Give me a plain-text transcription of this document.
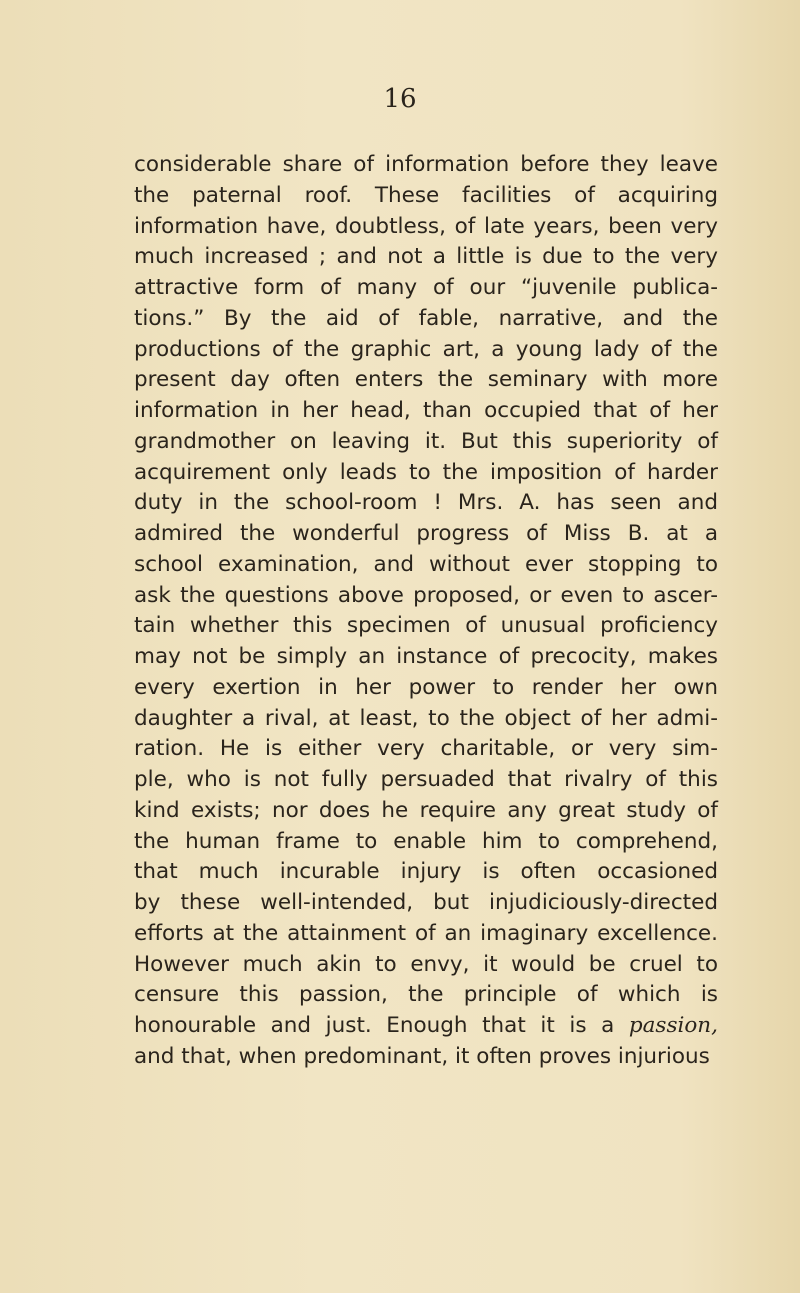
16
considerable share of information before they leave
the paternal roof. These facilities of acquiring
information have, doubtless, of late years, been very
much increased ; and not a little is due to the very
attractive form of many of our “juvenile publica-
tions.” By the aid of fable, narrative, and the
productions of the graphic art, a young lady of the
present day often enters the seminary with more
information in her head, than occupied that of her
grandmother on leaving it. But this superiority of
acquirement only leads to the imposition of harder
duty in the school-room ! Mrs. A. has seen and
admired the wonderful progress of Miss B. at a
school examination, and without ever stopping to
ask the questions above proposed, or even to ascer-
tain whether this specimen of unusual proficiency
may not be simply an instance of precocity, makes
every exertion in her power to render her own
daughter a rival, at least, to the object of her admi-
ration. He is either very charitable, or very sim-
ple, who is not fully persuaded that rivalry of this
kind exists; nor does he require any great study of
the human frame to enable him to comprehend,
that much incurable injury is often occasioned
by these well-intended, but injudiciously-directed
efforts at the attainment of an imaginary excellence.
However much akin to envy, it would be cruel to
censure this passion, the principle of which is
honourable and just. Enough that it is a passion,
and that, when predominant, it often proves injurious
